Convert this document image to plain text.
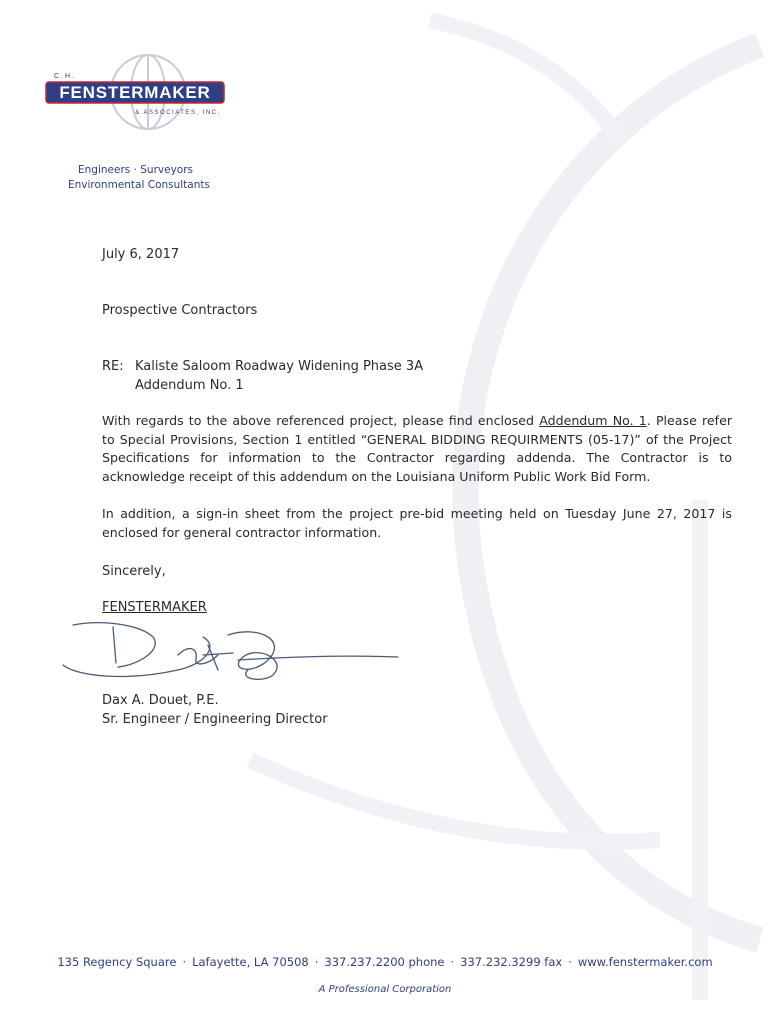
C.H.
FENSTERMAKER
& ASSOCIATES, INC.
Engineers · Surveyors
Environmental Consultants
July 6, 2017
Prospective Contractors
RE: Kaliste Saloom Roadway Widening Phase 3A
Addendum No. 1
With regards to the above referenced project, please find enclosed Addendum No. 1. Please refer to Special Provisions, Section 1 entitled “GENERAL BIDDING REQUIRMENTS (05-17)” of the Project Specifications for information to the Contractor regarding addenda. The Contractor is to acknowledge receipt of this addendum on the Louisiana Uniform Public Work Bid Form.
In addition, a sign-in sheet from the project pre-bid meeting held on Tuesday June 27, 2017 is enclosed for general contractor information.
Sincerely,
FENSTERMAKER
Dax A. Douet, P.E.
Sr. Engineer / Engineering Director
135 Regency Square · Lafayette, LA 70508 · 337.237.2200 phone · 337.232.3299 fax · www.fenstermaker.com
A Professional Corporation
